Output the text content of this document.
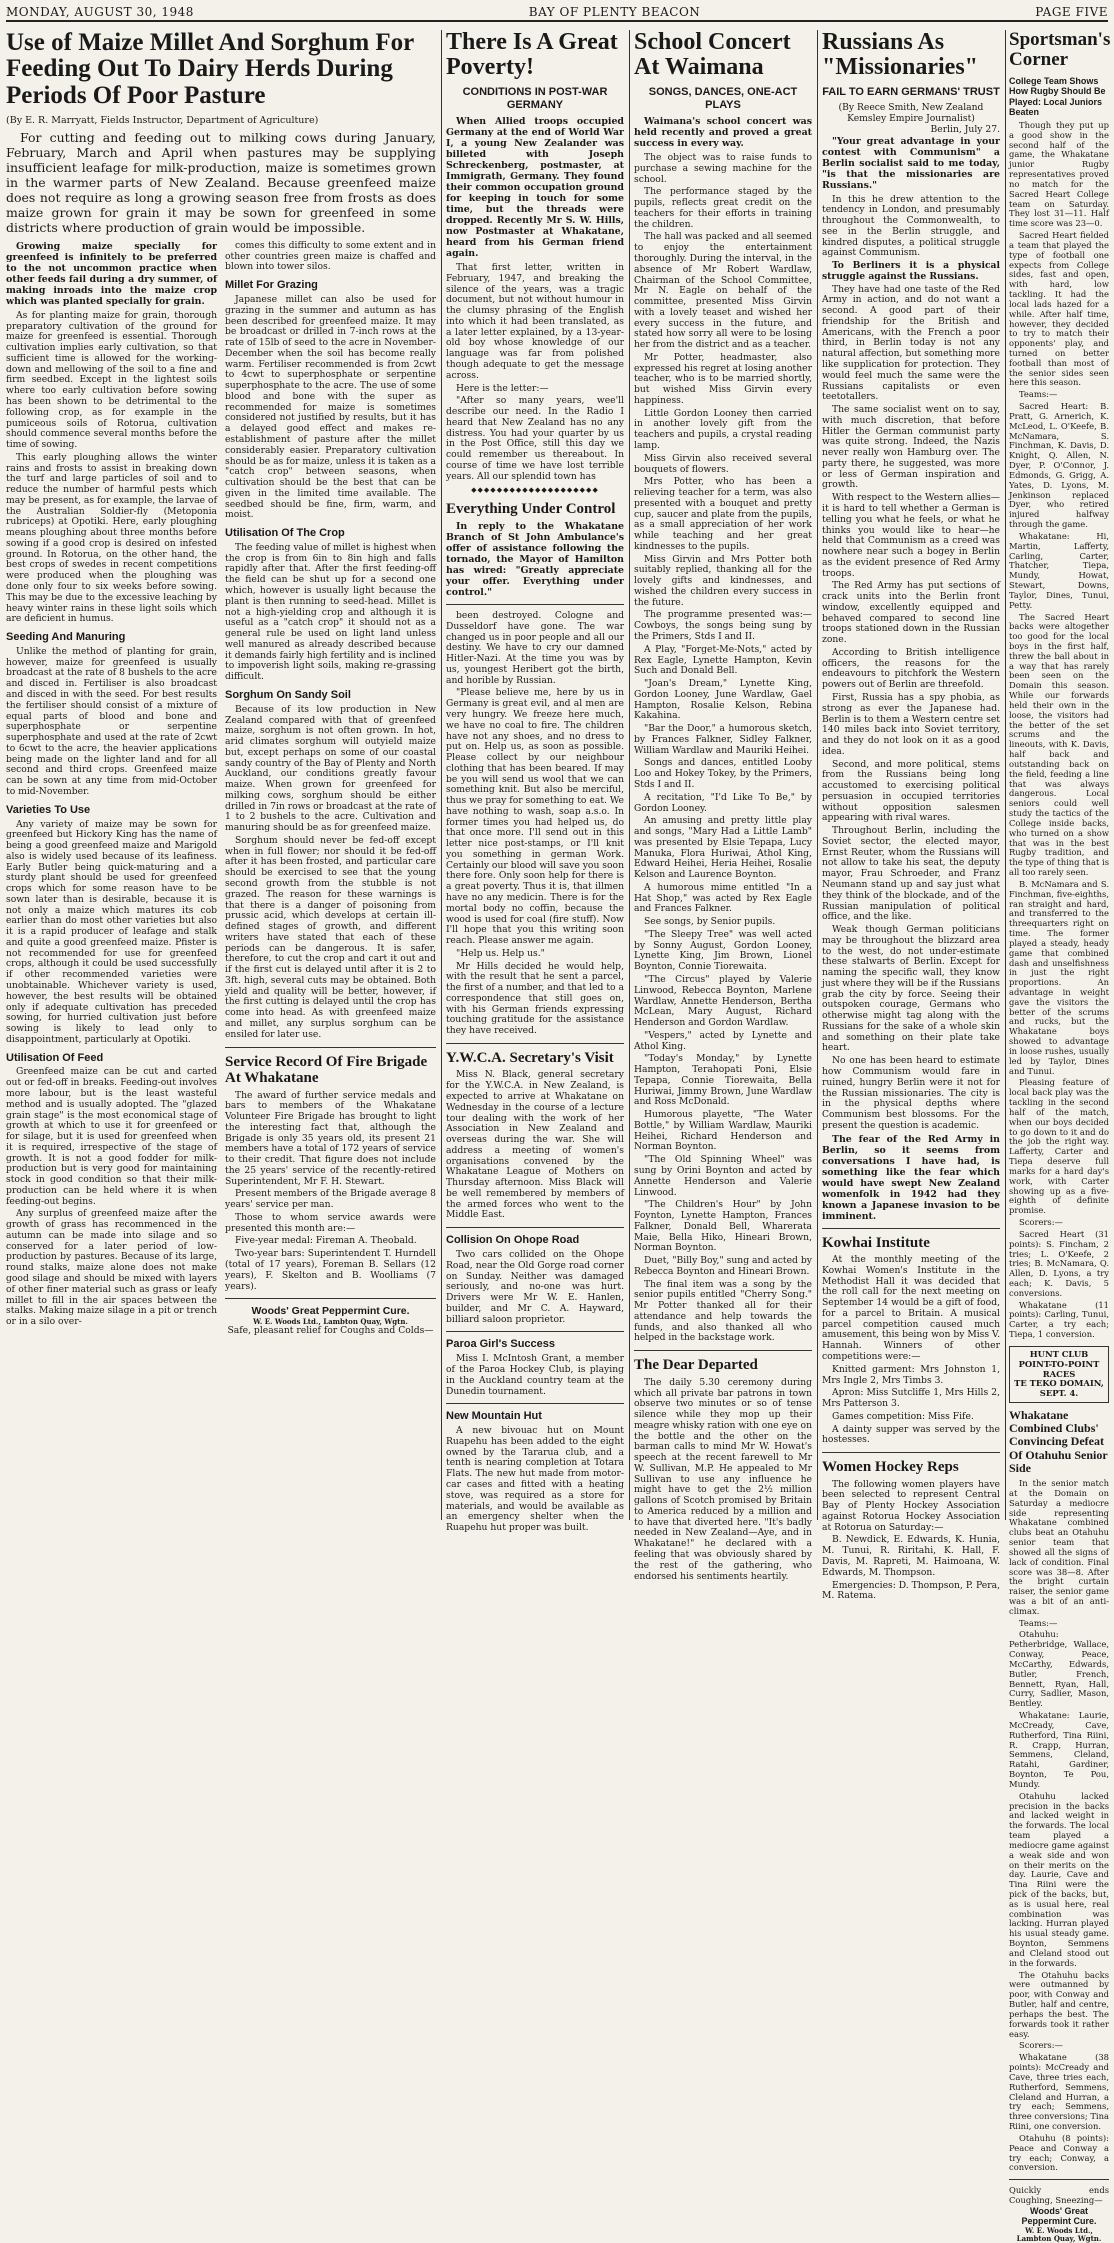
MONDAY, AUGUST 30, 1948	BAY OF PLENTY BEACON	PAGE FIVE
Use of Maize Millet And Sorghum For Feeding Out To Dairy Herds During Periods Of Poor Pasture
(By E. R. Marryatt, Fields Instructor, Department of Agriculture)
For cutting and feeding out to milking cows during January, February, March and April when pastures may be supplying insufficient leafage for milk-production, maize is sometimes grown in the warmer parts of New Zealand. Because greenfeed maize does not require as long a growing season free from frosts as does maize grown for grain it may be sown for greenfeed in some districts where production of grain would be impossible.

Growing maize specially for greenfeed is infinitely to be preferred to the not uncommon practice when other feeds fail during a dry summer, of making inroads into the maize crop which was planted specially for grain.

As for planting maize for grain, thorough preparatory cultivation of the ground for maize for greenfeed is essential. Thorough cultivation implies early cultivation, so that sufficient time is allowed for the working-down and mellowing of the soil to a fine and firm seedbed. Except in the lightest soils where too early cultivation before sowing has been shown to be detrimental to the following crop, as for example in the pumiceous soils of Rotorua, cultivation should commence several months before the time of sowing.

This early ploughing allows the winter rains and frosts to assist in breaking down the turf and large particles of soil and to reduce the number of harmful pests which may be present, as for example, the larvae of the Australian Soldier-fly (Metoponia rubriceps) at Opotiki. Here, early ploughing means ploughing about three months before sowing if a good crop is desired on infested ground. In Rotorua, on the other hand, the best crops of swedes in recent competitions were produced when the ploughing was done only four to six weeks before sowing. This may be due to the excessive leaching by heavy winter rains in these light soils which are deficient in humus.

Seeding And Manuring

Unlike the method of planting for grain, however, maize for greenfeed is usually broadcast at the rate of 8 bushels to the acre and disced in. Fertiliser is also broadcast and disced in with the seed. For best results the fertiliser should consist of a mixture of equal parts of blood and bone and superphosphate or serpentine superphosphate and used at the rate of 2cwt to 6cwt to the acre, the heavier applications being made on the lighter land and for all second and third crops. Greenfeed maize can be sown at any time from mid-October to mid-November.

Varieties To Use

Any variety of maize may be sown for greenfeed but Hickory King has the name of being a good greenfeed maize and Marigold also is widely used because of its leafiness. Early Butler being quick-maturing and a sturdy plant should be used for greenfeed crops which for some reason have to be sown later than is desirable, because it is not only a maize which matures its cob earlier than do most other varieties but also it is a rapid producer of leafage and stalk and quite a good greenfeed maize. Pfister is not recommended for use for greenfeed crops, although it could be used successfully if other recommended varieties were unobtainable. Whichever variety is used, however, the best results will be obtained only if adequate cultivation has preceded sowing, for hurried cultivation just before sowing is likely to lead only to disappointment, particularly at Opotiki.

Utilisation Of Feed

Greenfeed maize can be cut and carted out or fed-off in breaks. Feeding-out involves more labour, but is the least wasteful method and is usually adopted. The "glazed grain stage" is the most economical stage of growth at which to use it for greenfeed or for silage, but it is used for greenfeed when it is required, irrespective of the stage of growth. It is not a good fodder for milk-production but is very good for maintaining stock in good condition so that their milk-production can be held where it is when feeding-out begins.

Any surplus of greenfeed maize after the growth of grass has recommenced in the autumn can be made into silage and so conserved for a later period of low-production by pastures. Because of its large, round stalks, maize alone does not make good silage and should be mixed with layers of other finer material such as grass or leafy millet to fill in the air spaces between the stalks. Making maize silage in a pit or trench or in a silo over-

comes this difficulty to some extent and in other countries green maize is chaffed and blown into tower silos.

Millet For Grazing

Japanese millet can also be used for grazing in the summer and autumn as has been described for greenfeed maize. It may be broadcast or drilled in 7-inch rows at the rate of 15lb of seed to the acre in November-December when the soil has become really warm. Fertiliser recommended is from 2cwt to 4cwt to superphosphate or serpentine superphosphate to the acre. The use of some blood and bone with the super as recommended for maize is sometimes considered not justified by results, but it has a delayed good effect and makes re-establishment of pasture after the millet considerably easier. Preparatory cultivation should be as for maize, unless it is taken as a "catch crop" between seasons, when cultivation should be the best that can be given in the limited time available. The seedbed should be fine, firm, warm, and moist.

Utilisation Of The Crop

The feeding value of millet is highest when the crop is from 6in to 8in high and falls rapidly after that. After the first feeding-off the field can be shut up for a second one which, however is usually light because the plant is then running to seed-head. Millet is not a high-yielding crop and although it is useful as a "catch crop" it should not as a general rule be used on light land unless well manured as already described because it demands fairly high fertility and is inclined to impoverish light soils, making re-grassing difficult.

Sorghum On Sandy Soil

Because of its low production in New Zealand compared with that of greenfeed maize, sorghum is not often grown. In hot, arid climates sorghum will outyield maize but, except perhaps on some of our coastal sandy country of the Bay of Plenty and North Auckland, our conditions greatly favour maize. When grown for greenfeed for milking cows, sorghum should be either drilled in 7in rows or broadcast at the rate of 1 to 2 bushels to the acre. Cultivation and manuring should be as for greenfeed maize.

Sorghum should never be fed-off except when in full flower; nor should it be fed-off after it has been frosted, and particular care should be exercised to see that the young second growth from the stubble is not grazed. The reason for these warnings is that there is a danger of poisoning from prussic acid, which develops at certain ill-defined stages of growth, and different writers have stated that each of these periods can be dangerous. It is safer, therefore, to cut the crop and cart it out and if the first cut is delayed until after it is 2 to 3ft. high, several cuts may be obtained. Both yield and quality will be better, however, if the first cutting is delayed until the crop has come into head. As with greenfeed maize and millet, any surplus sorghum can be ensiled for later use.

Service Record Of Fire Brigade At Whakatane

The award of further service medals and bars to members of the Whakatane Volunteer Fire Brigade has brought to light the interesting fact that, although the Brigade is only 35 years old, its present 21 members have a total of 172 years of service to their credit. That figure does not include the 25 years' service of the recently-retired Superintendent, Mr F. H. Stewart.

Present members of the Brigade average 8 years' service per man.

Those to whom service awards were presented this month are:—

Five-year medal: Fireman A. Theobald.

Two-year bars: Superintendent T. Hurndell (total of 17 years), Foreman B. Sellars (12 years), F. Skelton and B. Woolliams (7 years).

Woods' Great Peppermint Cure.
W. E. Woods Ltd., Lambton Quay, Wgtn.
Safe, pleasant relief for Coughs and Colds—
There Is A Great Poverty!
CONDITIONS IN POST-WAR GERMANY

When Allied troops occupied Germany at the end of World War I, a young New Zealander was billeted with Joseph Schreckenberg, postmaster, at Immigrath, Germany. They found their common occupation ground for keeping in touch for some time, but the threads were dropped. Recently Mr S. W. Hills, now Postmaster at Whakatane, heard from his German friend again.

That first letter, written in February, 1947, and breaking the silence of the years, was a tragic document, but not without humour in the clumsy phrasing of the English into which it had been translated, as a later letter explained, by a 13-year-old boy whose knowledge of our language was far from polished though adequate to get the message across.

Here is the letter:—

"After so many years, wee'll describe our need. In the Radio I heard that New Zealand has no any distress. You had your quarter by us in the Post Office, still this day we could remember us thereabout. In course of time we have lost terrible years. All our splendid town has

◆◆◆◆◆◆◆◆◆◆◆◆◆◆◆◆◆◆◆◆
Everything Under Control

In reply to the Whakatane Branch of St John Ambulance's offer of assistance following the tornado, the Mayor of Hamilton has wired: "Greatly appreciate your offer. Everything under control."

been destroyed. Cologne and Dusseldorf have gone. The war changed us in poor people and all our destiny. We have to cry our damned Hitler-Nazi. At the time you was by us, youngest Heribert got the birth, and horible by Russian.

"Please believe me, here by us in Germany is great evil, and al men are very hungry. We freeze here much, we have no coal to fire. The children have not any shoes, and no dress to put on. Help us, as soon as possible. Please collect by our neighbour clothing that has been beared. If may be you will send us wool that we can something knit. But also be merciful, thus we pray for something to eat. We have nothing to wash, soap a.s.o. In former times you had helped us, do that once more. I'll send out in this letter nice post-stamps, or I'll knit you something in german Work. Certainly our blood will save you soon there fore. Only soon help for there is a great poverty. Thus it is, that illmen have no any medicin. There is for the mortal body no coffin, because the wood is used for coal (fire stuff). Now I'll hope that you this writing soon reach. Please answer me again.

"Help us. Help us."

Mr Hills decided he would help, with the result that he sent a parcel, the first of a number, and that led to a correspondence that still goes on, with his German friends expressing touching gratitude for the assistance they have received.

Y.W.C.A. Secretary's Visit

Miss N. Black, general secretary for the Y.W.C.A. in New Zealand, is expected to arrive at Whakatane on Wednesday in the course of a lecture tour dealing with the work of her Association in New Zealand and overseas during the war. She will address a meeting of women's organisations convened by the Whakatane League of Mothers on Thursday afternoon. Miss Black will be well remembered by members of the armed forces who went to the Middle East.

Collision On Ohope Road

Two cars collided on the Ohope Road, near the Old Gorge road corner on Sunday. Neither was damaged seriously, and no-one was hurt. Drivers were Mr W. E. Hanlen, builder, and Mr C. A. Hayward, billiard saloon proprietor.

Paroa Girl's Success

Miss I. McIntosh Grant, a member of the Paroa Hockey Club, is playing in the Auckland country team at the Dunedin tournament.

New Mountain Hut

A new bivouac hut on Mount Ruapehu has been added to the eight owned by the Tararua club, and a tenth is nearing completion at Totara Flats. The new hut made from motor-car cases and fitted with a heating stove, was required as a store for materials, and would be available as an emergency shelter when the Ruapehu hut proper was built.

School Concert At Waimana
SONGS, DANCES, ONE-ACT PLAYS

Waimana's school concert was held recently and proved a great success in every way.

The object was to raise funds to purchase a sewing machine for the school.

The performance staged by the pupils, reflects great credit on the teachers for their efforts in training the children.

The hall was packed and all seemed to enjoy the entertainment thoroughly. During the interval, in the absence of Mr Robert Wardlaw, Chairman of the School Committee, Mr N. Eagle on behalf of the committee, presented Miss Girvin with a lovely teaset and wished her every success in the future, and stated how sorry all were to be losing her from the district and as a teacher.

Mr Potter, headmaster, also expressed his regret at losing another teacher, who is to be married shortly, but wished Miss Girvin every happiness.

Little Gordon Looney then carried in another lovely gift from the teachers and pupils, a crystal reading lamp.

Miss Girvin also received several bouquets of flowers.

Mrs Potter, who has been a relieving teacher for a term, was also presented with a bouquet and pretty cup, saucer and plate from the pupils, as a small appreciation of her work while teaching and her great kindnesses to the pupils.

Miss Girvin and Mrs Potter both suitably replied, thanking all for the lovely gifts and kindnesses, and wished the children every success in the future.

The programme presented was:— Cowboys, the songs being sung by the Primers, Stds I and II.

A Play, "Forget-Me-Nots," acted by Rex Eagle, Lynette Hampton, Kevin Such and Donald Bell.

"Joan's Dream," Lynette King, Gordon Looney, June Wardlaw, Gael Hampton, Rosalie Kelson, Rebina Kakahina.

"Bar the Door," a humorous sketch, by Frances Falkner, Sidley Falkner, William Wardlaw and Mauriki Heihei.

Songs and dances, entitled Looby Loo and Hokey Tokey, by the Primers, Stds I and II.

A recitation, "I'd Like To Be," by Gordon Looney.

An amusing and pretty little play and songs, "Mary Had a Little Lamb" was presented by Elsie Tepapa, Lucy Manuka, Flora Huriwai, Athol King, Edward Heihei, Heria Heihei, Rosalie Kelson and Laurence Boynton.

A humorous mime entitled "In a Hat Shop," was acted by Rex Eagle and Frances Falkner.

See songs, by Senior pupils.

"The Sleepy Tree" was well acted by Sonny August, Gordon Looney, Lynette King, Jim Brown, Lionel Boynton, Connie Tiorewaita.

"The Circus" played by Valerie Linwood, Rebecca Boynton, Marlene Wardlaw, Annette Henderson, Bertha McLean, Mary August, Richard Henderson and Gordon Wardlaw.

"Vespers," acted by Lynette and Athol King.

"Today's Monday," by Lynette Hampton, Terahopati Poni, Elsie Tepapa, Connie Tiorewaita, Bella Huriwai, Jimmy Brown, June Wardlaw and Ross McDonald.

Humorous playette, "The Water Bottle," by William Wardlaw, Mauriki Heihei, Richard Henderson and Norman Boynton.

"The Old Spinning Wheel" was sung by Orini Boynton and acted by Annette Henderson and Valerie Linwood.

"The Children's Hour" by John Foynton, Lynette Hampton, Frances Falkner, Donald Bell, Wharerata Maie, Bella Hiko, Hineari Brown, Norman Boynton.

Duet, "Billy Boy," sung and acted by Rebecca Boynton and Hineari Brown.

The final item was a song by the senior pupils entitled "Cherry Song." Mr Potter thanked all for their attendance and help towards the funds, and also thanked all who helped in the backstage work.

The Dear Departed

The daily 5.30 ceremony during which all private bar patrons in town observe two minutes or so of tense silence while they mop up their meagre whisky ration with one eye on the bottle and the other on the barman calls to mind Mr W. Howat's speech at the recent farewell to Mr W. Sullivan, M.P. He appealed to Mr Sullivan to use any influence he might have to get the 2½ million gallons of Scotch promised by Britain to America reduced by a million and to have that diverted here. "It's badly needed in New Zealand—Aye, and in Whakatane!" he declared with a feeling that was obviously shared by the rest of the gathering, who endorsed his sentiments heartily.

Russians As "Missionaries"
FAIL TO EARN GERMANS' TRUST
(By Reece Smith, New Zealand Kemsley Empire Journalist)
Berlin, July 27.

"Your great advantage in your contest with Communism" a Berlin socialist said to me today, "is that the missionaries are Russians."

In this he drew attention to the tendency in London, and presumably throughout the Commonwealth, to see in the Berlin struggle, and kindred disputes, a political struggle against Communism.

To Berliners it is a physical struggle against the Russians.

They have had one taste of the Red Army in action, and do not want a second. A good part of their friendship for the British and Americans, with the French a poor third, in Berlin today is not any natural affection, but something more like supplication for protection. They would feel much the same were the Russians capitalists or even teetotallers.

The same socialist went on to say, with much discretion, that before Hitler the German communist party was quite strong. Indeed, the Nazis never really won Hamburg over. The party there, he suggested, was more or less of German inspiration and growth.

With respect to the Western allies—it is hard to tell whether a German is telling you what he feels, or what he thinks you would like to hear—he held that Communism as a creed was nowhere near such a bogey in Berlin as the evident presence of Red Army troops.

The Red Army has put sections of crack units into the Berlin front window, excellently equipped and behaved compared to second line troops stationed down in the Russian zone.

According to British intelligence officers, the reasons for the endeavours to pitchfork the Western powers out of Berlin are threefold.

First, Russia has a spy phobia, as strong as ever the Japanese had. Berlin is to them a Western centre set 140 miles back into Soviet territory, and they do not look on it as a good idea.

Second, and more political, stems from the Russians being long accustomed to exercising political persuasion in occupied territories without opposition salesmen appearing with rival wares.

Throughout Berlin, including the Soviet sector, the elected mayor, Ernst Reuter, whom the Russians will not allow to take his seat, the deputy mayor, Frau Schroeder, and Franz Neumann stand up and say just what they think of the blockade, and of the Russian manipulation of political office, and the like.

Weak though German politicians may be throughout the blizzard area to the west, do not under-estimate these stalwarts of Berlin. Except for naming the specific wall, they know just where they will be if the Russians grab the city by force. Seeing their outspoken courage, Germans who otherwise might tag along with the Russians for the sake of a whole skin and something on their plate take heart.

No one has been heard to estimate how Communism would fare in ruined, hungry Berlin were it not for the Russian missionaries. The city is in the physical depths where Communism best blossoms. For the present the question is academic.

The fear of the Red Army in Berlin, so it seems from conversations I have had, is something like the fear which would have swept New Zealand womenfolk in 1942 had they known a Japanese invasion to be imminent.

Kowhai Institute

At the monthly meeting of the Kowhai Women's Institute in the Methodist Hall it was decided that the roll call for the next meeting on September 14 would be a gift of food, for a parcel to Britain. A musical parcel competition caused much amusement, this being won by Miss V. Hannah. Winners of other competitions were:—

Knitted garment: Mrs Johnston 1, Mrs Ingle 2, Mrs Timbs 3.

Apron: Miss Sutcliffe 1, Mrs Hills 2, Mrs Patterson 3.

Games competition: Miss Fife.

A dainty supper was served by the hostesses.

Women Hockey Reps

The following women players have been selected to represent Central Bay of Plenty Hockey Association against Rotorua Hockey Association at Rotorua on Saturday:—

B. Newdick, E. Edwards, K. Hunia, M. Tunui, R. Riritahi, K. Hall, F. Davis, M. Rapreti, M. Haimoana, W. Edwards, M. Thompson.

Emergencies: D. Thompson, P. Pera, M. Ratema.

Sportsman's Corner
College Team Shows How Rugby Should Be Played: Local Juniors Beaten

Though they put up a good show in the second half of the game, the Whakatane junior Rugby representatives proved no match for the Sacred Heart College team on Saturday. They lost 31—11. Half time score was 23—0.

Sacred Heart fielded a team that played the type of football one expects from College sides, fast and open, with hard, low tackling. It had the local lads hazed for a while. After half time, however, they decided to try to match their opponents' play, and turned on better football than most of the senior sides seen here this season.

Teams:—

Sacred Heart: B. Pratt, G. Arnerich, K. McLeod, L. O'Keefe, B. McNamara, S. Finchman, K. Davis, D. Knight, Q. Allen, N. Dyer, P. O'Connor, J. Edmonds, G. Grigg, A. Yates, D. Lyons, M. Jenkinson replaced Dyer, who retired injured halfway through the game.

Whakatane: Hi, Martin, Lafferty, Carling, Carter, Thatcher, Tiepa, Mundy, Howat, Stewart, Downs, Taylor, Dines, Tunui, Petty.

The Sacred Heart backs were altogether too good for the local boys in the first half, threw the ball about in a way that has rarely been seen on the Domain this season. While our forwards held their own in the loose, the visitors had the better of the set scrums and the lineouts, with K. Davis, half back and outstanding back on the field, feeding a line that was always dangerous. Local seniors could well study the tactics of the College inside backs, who turned on a show that was in the best Rugby tradition, and the type of thing that is all too rarely seen.

B. McNamara and S. Finchman, five-eighths, ran straight and hard, and transferred to the threequarters right on time. The former played a steady, heady game that combined dash and unselfishness in just the right proportions. An advantage in weight gave the visitors the better of the scrums and rucks, but the Whakatane boys showed to advantage in loose rushes, usually led by Taylor, Dines and Tunui.

Pleasing feature of local back play was the tackling in the second half of the match, when our boys decided to go down to it and do the job the right way. Lafferty, Carter and Tiepa deserve full marks for a hard day's work, with Carter showing up as a five-eighth of definite promise.

Scorers:—

Sacred Heart (31 points): S. Fincham, 2 tries; L. O'Keefe, 2 tries; B. McNamara, Q. Allen, D. Lyons, a try each; K. Davis, 5 conversions.

Whakatane (11 points): Carling, Tunui, Carter, a try each; Tiepa, 1 conversion.

HUNT CLUB
POINT-TO-POINT RACES
TE TEKO DOMAIN, SEPT. 4.
Whakatane Combined Clubs' Convincing Defeat Of Otahuhu Senior Side

In the senior match at the Domain on Saturday a mediocre side representing Whakatane combined clubs beat an Otahuhu senior team that showed all the signs of lack of condition. Final score was 38—8. After the bright curtain raiser, the senior game was a bit of an anti-climax.

Teams:—

Otahuhu: Petherbridge, Wallace, Conway, Peace, McCarthy, Edwards, Butler, French, Bennett, Ryan, Hall, Curry, Sadlier, Mason, Bentley.

Whakatane: Laurie, McCready, Cave, Rutherford, Tina Riini, R. Crapp, Hurran, Semmens, Cleland, Ratahi, Gardiner, Boynton, Te Pou, Mundy.

Otahuhu lacked precision in the backs and lacked weight in the forwards. The local team played a mediocre game against a weak side and won on their merits on the day. Laurie, Cave and Tina Riini were the pick of the backs, but, as is usual here, real combination was lacking. Hurran played his usual steady game. Boynton, Semmens and Cleland stood out in the forwards.

The Otahuhu backs were outmanned by poor, with Conway and Butler, half and centre, perhaps the best. The forwards took it rather easy.

Scorers:—

Whakatane (38 points): McCready and Cave, three tries each, Rutherford, Semmens, Cleland and Hurran, a try each; Semmens, three conversions; Tina Riini, one conversion.

Otahuhu (8 points): Peace and Conway a try each; Conway, a conversion.

Quickly ends Coughing, Sneezing—
Woods' Great Peppermint Cure.
W. E. Woods Ltd., Lambton Quay, Wgtn.
